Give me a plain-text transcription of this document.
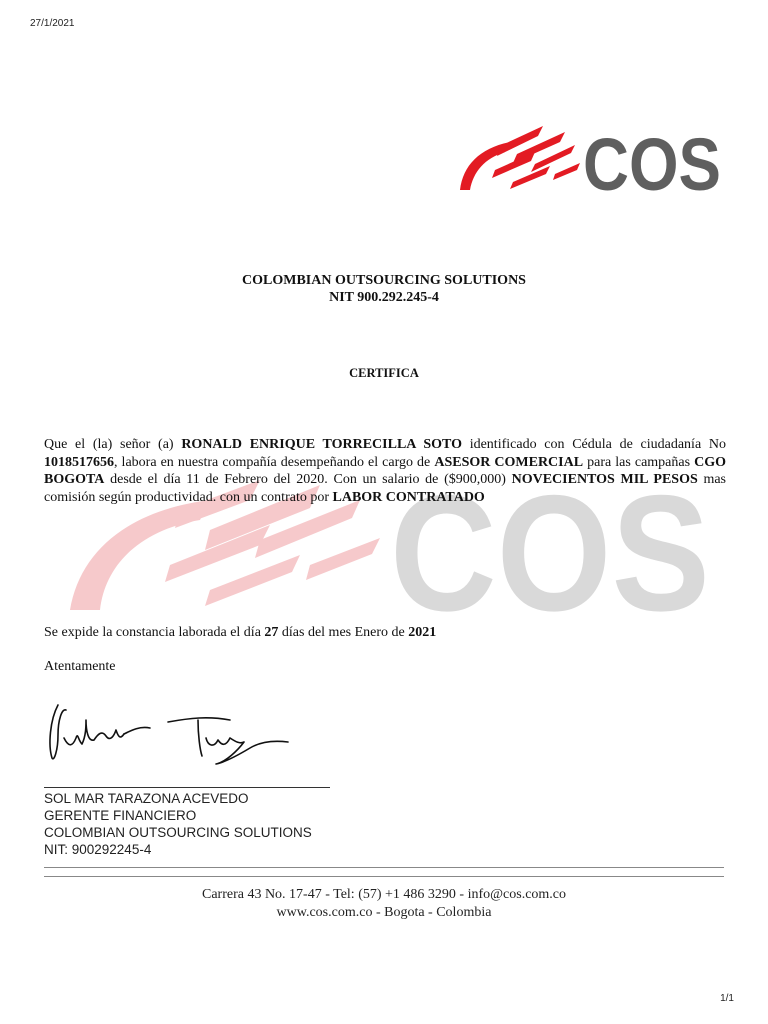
27/1/2021
COS
COS
COLOMBIAN OUTSOURCING SOLUTIONS
NIT 900.292.245-4
CERTIFICA
Que el (la) señor (a) RONALD ENRIQUE TORRECILLA SOTO identificado con Cédula de ciudadanía No 1018517656, labora en nuestra compañía desempeñando el cargo de ASESOR COMERCIAL para las campañas CGO BOGOTA desde el día 11 de Febrero del 2020. Con un salario de ($900,000) NOVECIENTOS MIL PESOS mas comisión según productividad. con un contrato por LABOR CONTRATADO
Se expide la constancia laborada el día 27 días del mes Enero de 2021
Atentamente
SOL MAR TARAZONA ACEVEDO
GERENTE FINANCIERO
COLOMBIAN OUTSOURCING SOLUTIONS
NIT: 900292245-4
Carrera 43 No. 17-47 - Tel: (57) +1 486 3290 - info@cos.com.co
www.cos.com.co - Bogota - Colombia
1/1
